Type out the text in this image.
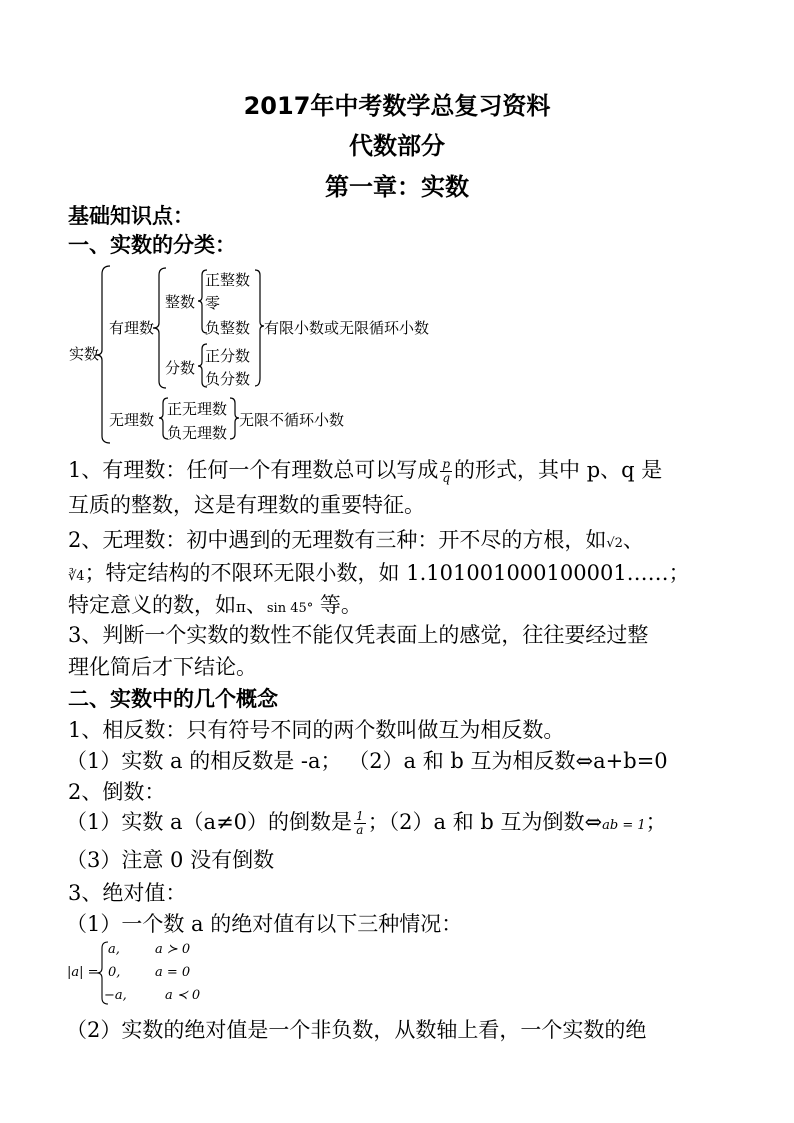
2017年中考数学总复习资料
代数部分
第一章：实数
基础知识点：
一、实数的分类：
实数
有理数
整数
正整数
零
负整数 有限小数或无限循环小数
分数
正分数
负分数
无理数
正无理数
负无理数
无限不循环小数
1、有理数：任何一个有理数总可以写成 $\frac{p}{q}$ 的形式，其中 p、q 是
互质的整数，这是有理数的重要特征。
2、无理数：初中遇到的无理数有三种：开不尽的方根，如√2、
∛4；特定结构的不限环无限小数，如 1.101001000100001……；
特定意义的数，如π、sin 45° 等。
3、判断一个实数的数性不能仅凭表面上的感觉，往往要经过整
理化简后才下结论。
二、实数中的几个概念
1、相反数：只有符号不同的两个数叫做互为相反数。
（1）实数 a 的相反数是 -a； （2）a 和 b 互为相反数⇔a+b=0
2、倒数：
（1）实数 a（a≠0）的倒数是 $\frac{1}{a}$ ；（2）a 和 b 互为倒数⇔ab = 1；
（3）注意 0 没有倒数
3、绝对值：
（1）一个数 a 的绝对值有以下三种情况：
|a| =
a,	a ≻ 0
0,	a = 0
−a,	a ≺ 0
（2）实数的绝对值是一个非负数，从数轴上看，一个实数的绝
